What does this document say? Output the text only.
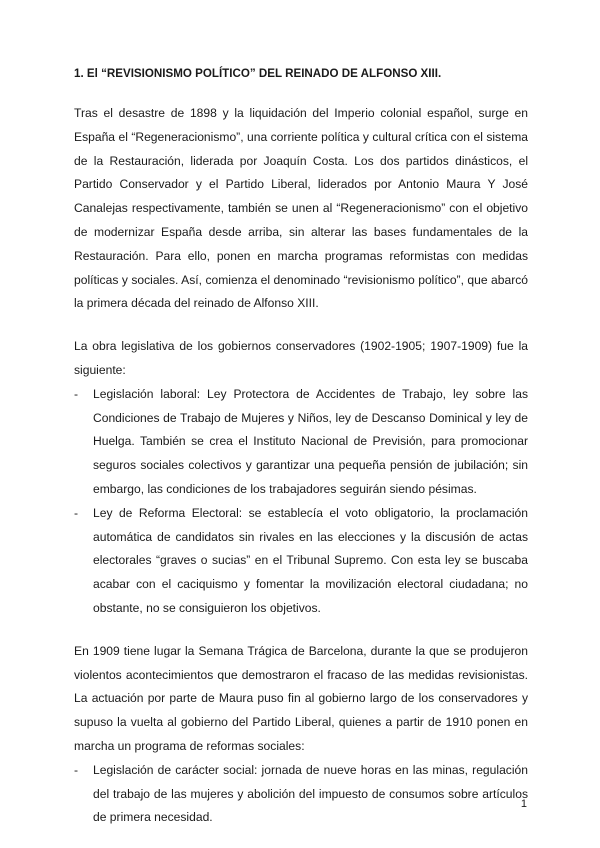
1. El “REVISIONISMO POLÍTICO” DEL REINADO DE ALFONSO XIII.

Tras el desastre de 1898 y la liquidación del Imperio colonial español, surge en España el “Regeneracionismo”, una corriente política y cultural crítica con el sistema de la Restauración, liderada por Joaquín Costa. Los dos partidos dinásticos, el Partido Conservador y el Partido Liberal, liderados por Antonio Maura Y José Canalejas respectivamente, también se unen al “Regeneracionismo” con el objetivo de modernizar España desde arriba, sin alterar las bases fundamentales de la Restauración. Para ello, ponen en marcha programas reformistas con medidas políticas y sociales. Así, comienza el denominado “revisionismo político”, que abarcó la primera década del reinado de Alfonso XIII.

La obra legislativa de los gobiernos conservadores (1902-1905; 1907-1909) fue la siguiente:

- Legislación laboral: Ley Protectora de Accidentes de Trabajo, ley sobre las Condiciones de Trabajo de Mujeres y Niños, ley de Descanso Dominical y ley de Huelga. También se crea el Instituto Nacional de Previsión, para promocionar seguros sociales colectivos y garantizar una pequeña pensión de jubilación; sin embargo, las condiciones de los trabajadores seguirán siendo pésimas.
- Ley de Reforma Electoral: se establecía el voto obligatorio, la proclamación automática de candidatos sin rivales en las elecciones y la discusión de actas electorales “graves o sucias” en el Tribunal Supremo. Con esta ley se buscaba acabar con el caciquismo y fomentar la movilización electoral ciudadana; no obstante, no se consiguieron los objetivos.

En 1909 tiene lugar la Semana Trágica de Barcelona, durante la que se produjeron violentos acontecimientos que demostraron el fracaso de las medidas revisionistas. La actuación por parte de Maura puso fin al gobierno largo de los conservadores y supuso la vuelta al gobierno del Partido Liberal, quienes a partir de 1910 ponen en marcha un programa de reformas sociales:

- Legislación de carácter social: jornada de nueve horas en las minas, regulación del trabajo de las mujeres y abolición del impuesto de consumos sobre artículos de primera necesidad.
1
